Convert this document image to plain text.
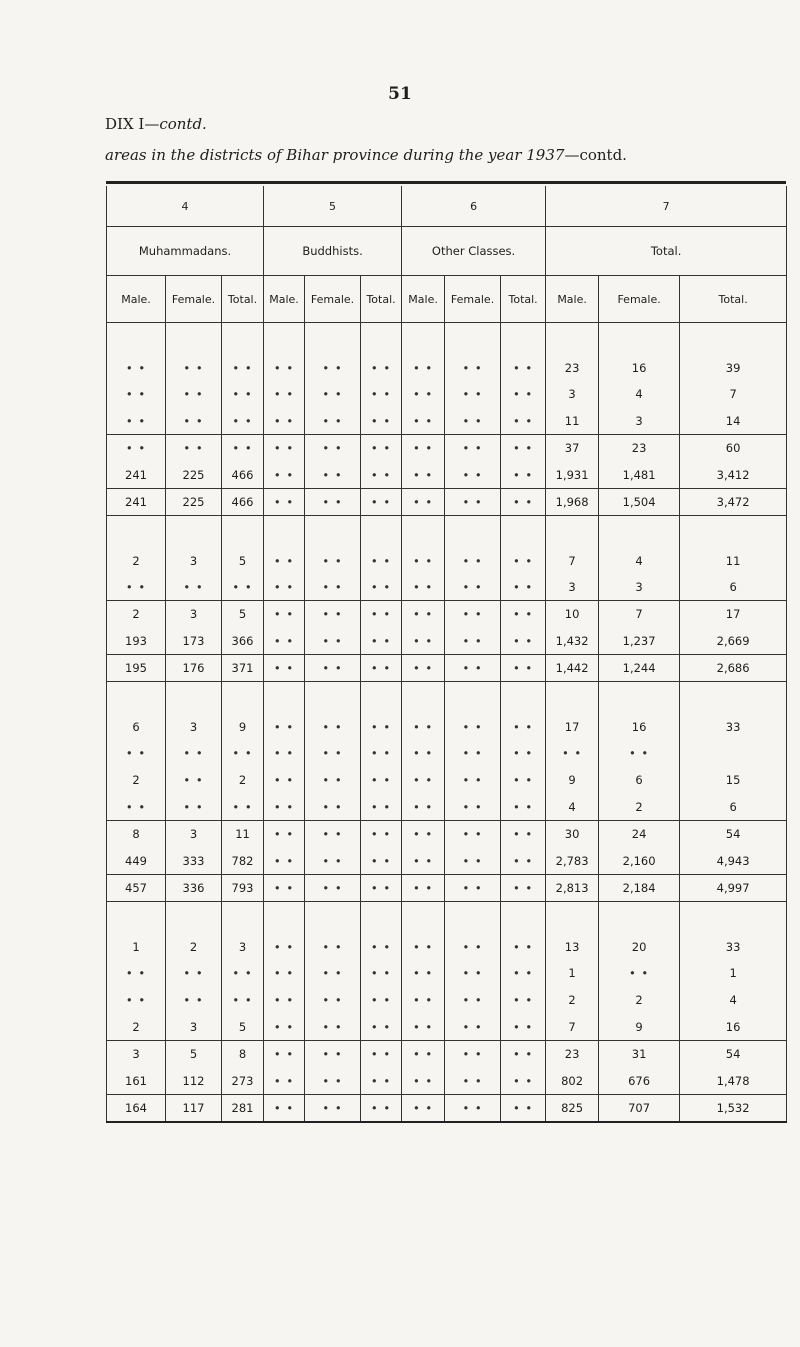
51
DIX I—contd.
areas in the districts of Bihar province during the year 1937—contd.
4			5			6			7		
Muhammadans.			Buddhists.			Other Classes.			Total.		
Male.	Female.	Total.	Male.	Female.	Total.	Male.	Female.	Total.	Male.	Female.	Total.
• •	• •	• •	• •	• •	• •	• •	• •	• •	23	16	39
• •	• •	• •	• •	• •	• •	• •	• •	• •	3	4	7
• •	• •	• •	• •	• •	• •	• •	• •	• •	11	3	14
• •	• •	• •	• •	• •	• •	• •	• •	• •	37	23	60
241	225	466	• •	• •	• •	• •	• •	• •	1,931	1,481	3,412
241	225	466	• •	• •	• •	• •	• •	• •	1,968	1,504	3,472
2	3	5	• •	• •	• •	• •	• •	• •	7	4	11
• •	• •	• •	• •	• •	• •	• •	• •	• •	3	3	6
2	3	5	• •	• •	• •	• •	• •	• •	10	7	17
193	173	366	• •	• •	• •	• •	• •	• •	1,432	1,237	2,669
195	176	371	• •	• •	• •	• •	• •	• •	1,442	1,244	2,686
6	3	9	• •	• •	• •	• •	• •	• •	17	16	33
• •	• •	• •	• •	• •	• •	• •	• •	• •	• •	• •	
2	• •	2	• •	• •	• •	• •	• •	• •	9	6	15
• •	• •	• •	• •	• •	• •	• •	• •	• •	4	2	6
8	3	11	• •	• •	• •	• •	• •	• •	30	24	54
449	333	782	• •	• •	• •	• •	• •	• •	2,783	2,160	4,943
457	336	793	• •	• •	• •	• •	• •	• •	2,813	2,184	4,997
1	2	3	• •	• •	• •	• •	• •	• •	13	20	33
• •	• •	• •	• •	• •	• •	• •	• •	• •	1	• •	1
• •	• •	• •	• •	• •	• •	• •	• •	• •	2	2	4
2	3	5	• •	• •	• •	• •	• •	• •	7	9	16
3	5	8	• •	• •	• •	• •	• •	• •	23	31	54
161	112	273	• •	• •	• •	• •	• •	• •	802	676	1,478
164	117	281	• •	• •	• •	• •	• •	• •	825	707	1,532
